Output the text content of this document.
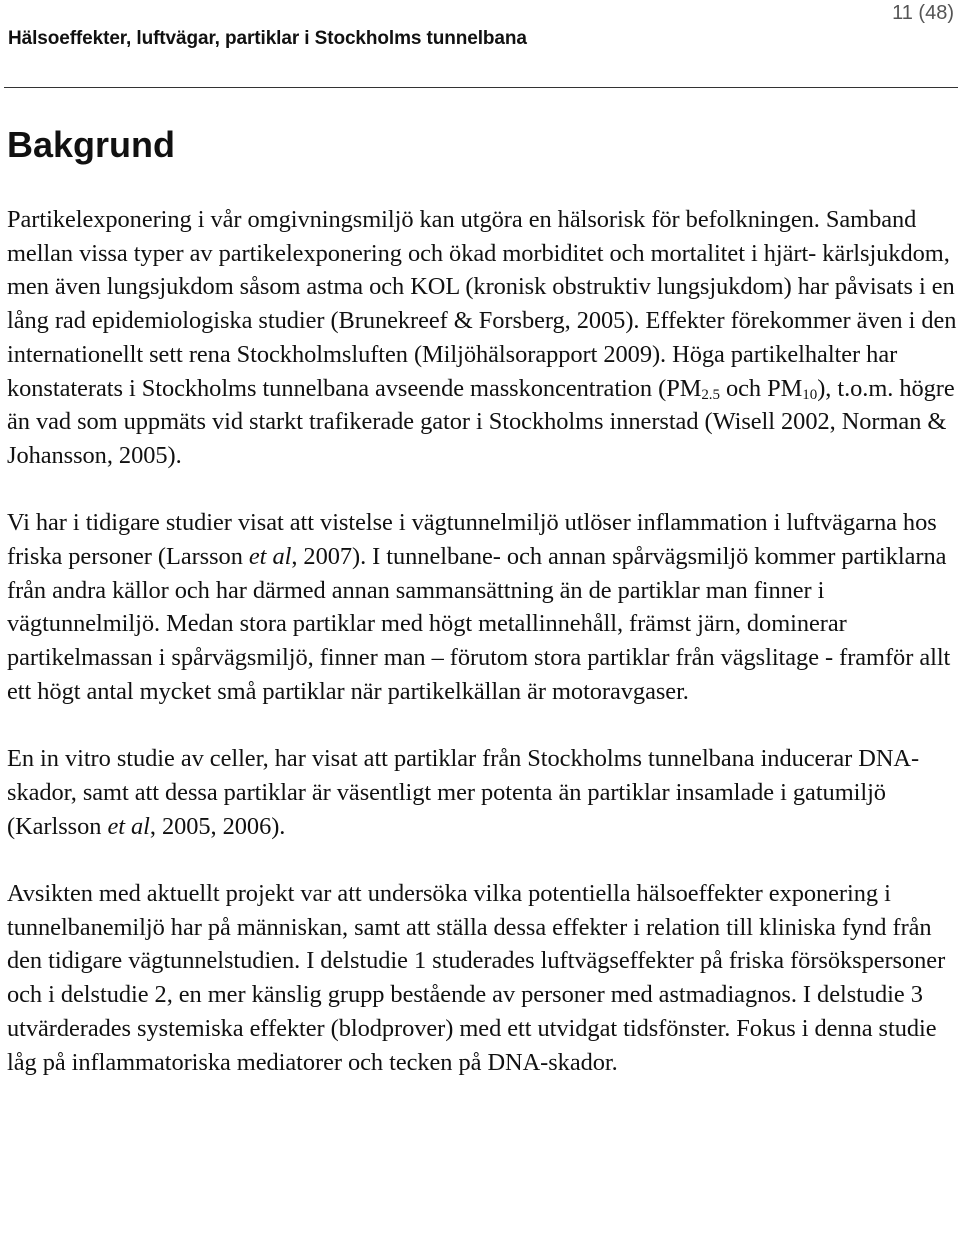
Hälsoeffekter, luftvägar, partiklar i Stockholms tunnelbana
11 (48)
Bakgrund

Partikelexponering i vår omgivningsmiljö kan utgöra en hälsorisk för befolkningen. Samband mellan vissa typer av partikelexponering och ökad morbiditet och mortalitet i hjärt- kärlsjukdom, men även lungsjukdom såsom astma och KOL (kronisk obstruktiv lungsjukdom) har påvisats i en lång rad epidemiologiska studier (Brunekreef & Forsberg, 2005). Effekter förekommer även i den internationellt sett rena Stockholmsluften (Miljöhälsorapport 2009). Höga partikelhalter har konstaterats i Stockholms tunnelbana avseende masskoncentration ($PM_{2.5}$ och $PM_{10}$), t.o.m. högre än vad som uppmäts vid starkt trafikerade gator i Stockholms innerstad (Wisell 2002, Norman & Johansson, 2005).

Vi har i tidigare studier visat att vistelse i vägtunnelmiljö utlöser inflammation i luftvägarna hos friska personer (Larsson et al, 2007). I tunnelbane- och annan spårvägsmiljö kommer partiklarna från andra källor och har därmed annan sammansättning än de partiklar man finner i vägtunnelmiljö. Medan stora partiklar med högt metallinnehåll, främst järn, dominerar partikelmassan i spårvägsmiljö, finner man – förutom stora partiklar från vägslitage - framför allt ett högt antal mycket små partiklar när partikelkällan är motoravgaser.

En in vitro studie av celler, har visat att partiklar från Stockholms tunnelbana inducerar DNA-skador, samt att dessa partiklar är väsentligt mer potenta än partiklar insamlade i gatumiljö (Karlsson et al, 2005, 2006).

Avsikten med aktuellt projekt var att undersöka vilka potentiella hälsoeffekter exponering i tunnelbanemiljö har på människan, samt att ställa dessa effekter i relation till kliniska fynd från den tidigare vägtunnelstudien. I delstudie 1 studerades luftvägseffekter på friska försökspersoner och i delstudie 2, en mer känslig grupp bestående av personer med astmadiagnos. I delstudie 3 utvärderades systemiska effekter (blodprover) med ett utvidgat tidsfönster. Fokus i denna studie låg på inflammatoriska mediatorer och tecken på DNA-skador.
